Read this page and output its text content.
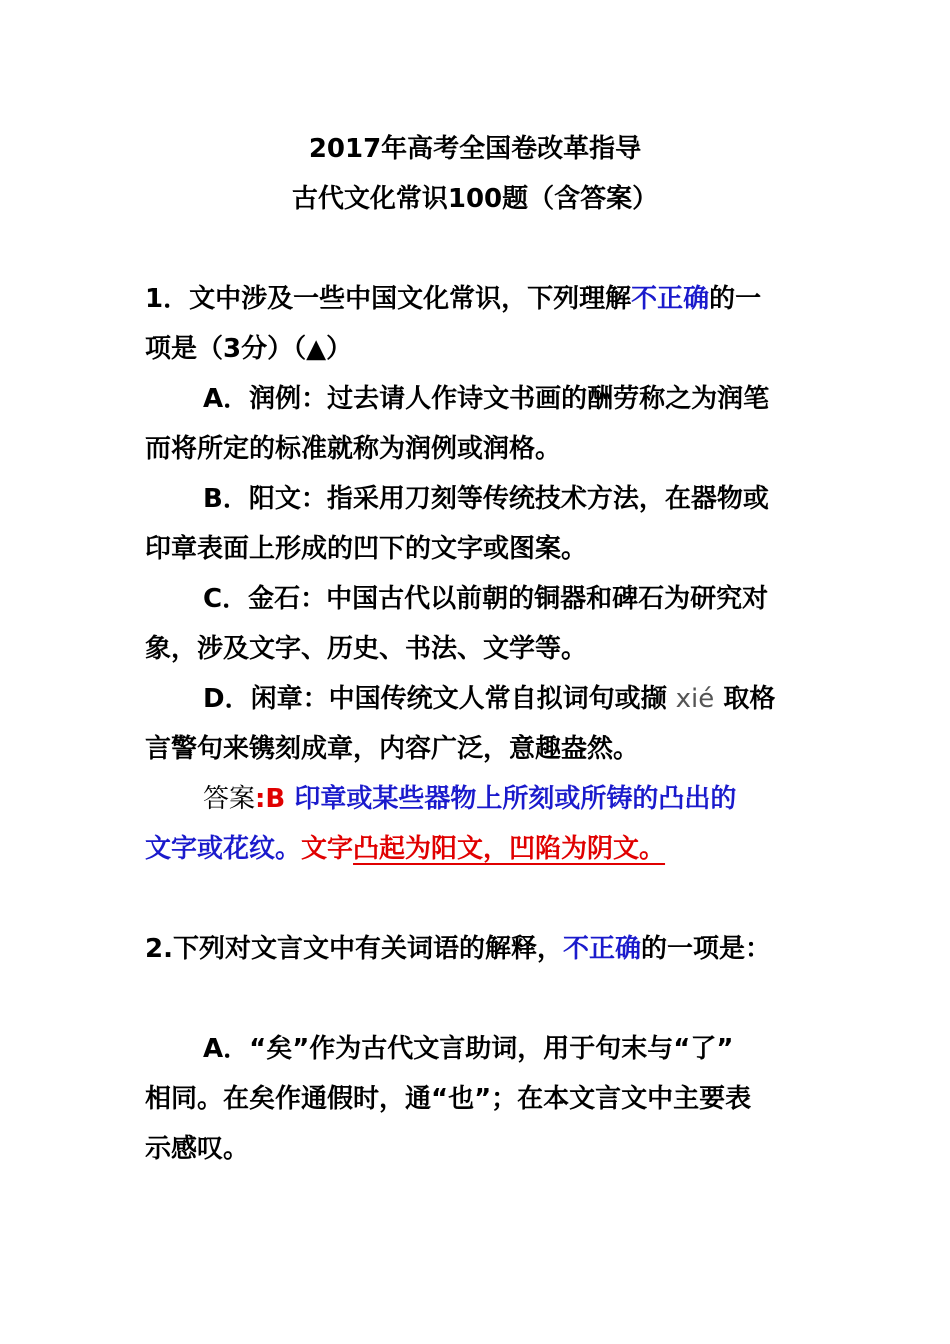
2017年高考全国卷改革指导
古代文化常识100题（含答案）
1．文中涉及一些中国文化常识，下列理解不正确的一
项是（3分）（▲）
A．润例：过去请人作诗文书画的酬劳称之为润笔
而将所定的标准就称为润例或润格。
B．阳文：指采用刀刻等传统技术方法，在器物或
印章表面上形成的凹下的文字或图案。
C．金石：中国古代以前朝的铜器和碑石为研究对
象，涉及文字、历史、书法、文学等。
D．闲章：中国传统文人常自拟词句或撷 xié 取格
言警句来镌刻成章，内容广泛，意趣盎然。
答案:B 印章或某些器物上所刻或所铸的凸出的
文字或花纹。文字凸起为阳文，凹陷为阴文。
2.下列对文言文中有关词语的解释，不正确的一项是：
A．“矣”作为古代文言助词，用于句末与“了”
相同。在矣作通假时，通“也”；在本文言文中主要表
示感叹。
